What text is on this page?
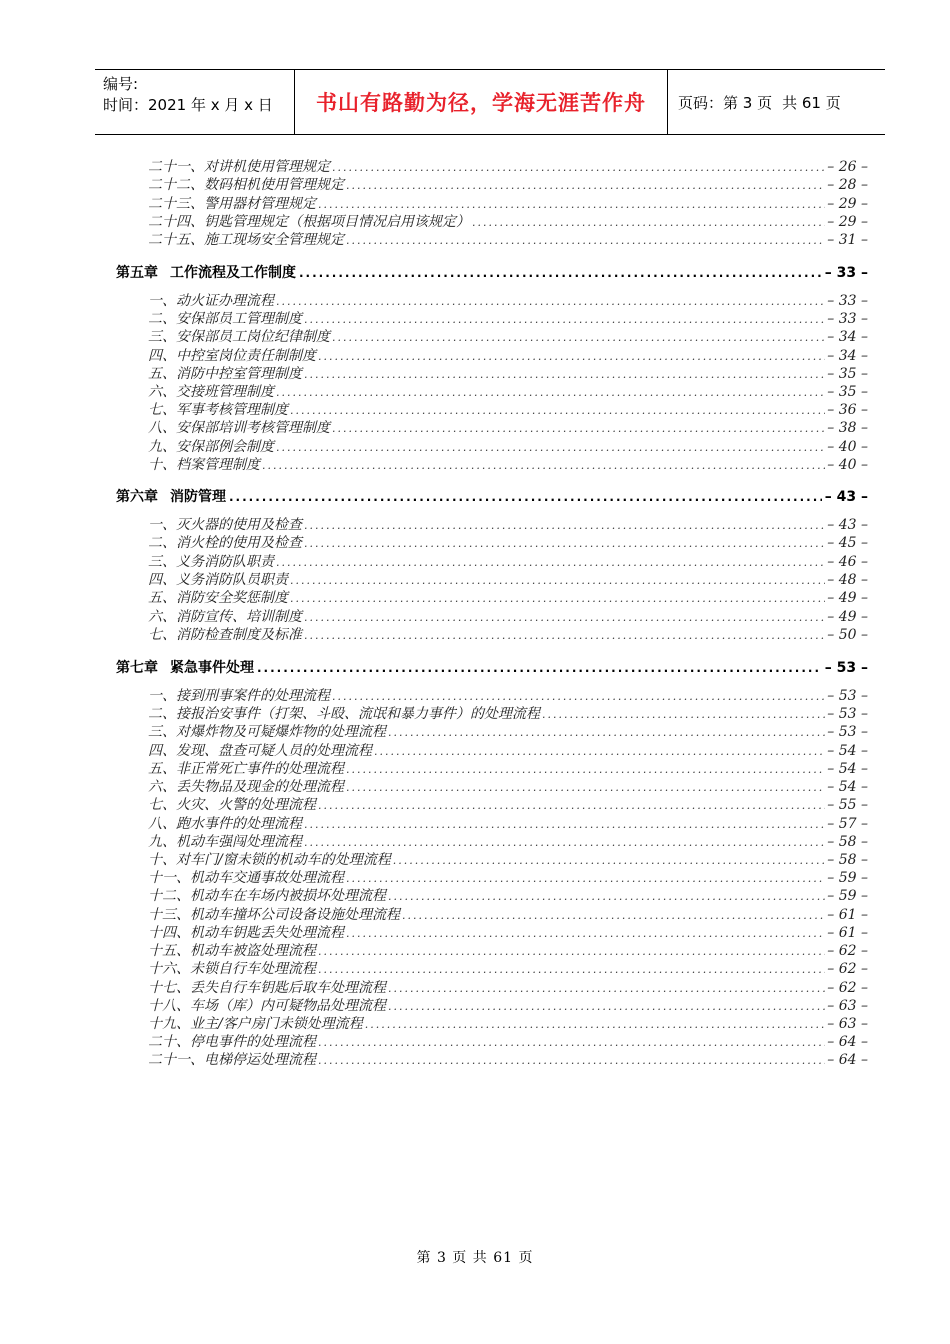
编号:
时间：2021 年 x 月 x 日	书山有路勤为径，学海无涯苦作舟	页码：第 3 页 共 61 页
二十一、对讲机使用管理规定 .....	– 26 –
二十二、数码相机使用管理规定 .....	– 28 –
二十三、警用器材管理规定 .....	– 29 –
二十四、钥匙管理规定（根据项目情况启用该规定） .....	– 29 –
二十五、施工现场安全管理规定 .....	– 31 –
第五章 工作流程及工作制度 .....	– 33 –
一、动火证办理流程 .....	– 33 –
二、安保部员工管理制度 .....	– 33 –
三、安保部员工岗位纪律制度 .....	– 34 –
四、中控室岗位责任制制度 .....	– 34 –
五、消防中控室管理制度 .....	– 35 –
六、交接班管理制度 .....	– 35 –
七、军事考核管理制度 .....	– 36 –
八、安保部培训考核管理制度 .....	– 38 –
九、安保部例会制度 .....	– 40 –
十、档案管理制度 .....	– 40 –
第六章 消防管理 .....	– 43 –
一、灭火器的使用及检查 .....	– 43 –
二、消火栓的使用及检查 .....	– 45 –
三、义务消防队职责 .....	– 46 –
四、义务消防队员职责 .....	– 48 –
五、消防安全奖惩制度 .....	– 49 –
六、消防宣传、培训制度 .....	– 49 –
七、消防检查制度及标准 .....	– 50 –
第七章 紧急事件处理 .....	– 53 –
一、接到刑事案件的处理流程 .....	– 53 –
二、接报治安事件（打架、斗殴、流氓和暴力事件）的处理流程 .....	– 53 –
三、对爆炸物及可疑爆炸物的处理流程 .....	– 53 –
四、发现、盘查可疑人员的处理流程 .....	– 54 –
五、非正常死亡事件的处理流程 .....	– 54 –
六、丢失物品及现金的处理流程 .....	– 54 –
七、火灾、火警的处理流程 .....	– 55 –
八、跑水事件的处理流程 .....	– 57 –
九、机动车强闯处理流程 .....	– 58 –
十、对车门/窗未锁的机动车的处理流程 .....	– 58 –
十一、机动车交通事故处理流程 .....	– 59 –
十二、机动车在车场内被损坏处理流程 .....	– 59 –
十三、机动车撞坏公司设备设施处理流程 .....	– 61 –
十四、机动车钥匙丢失处理流程 .....	– 61 –
十五、机动车被盗处理流程 .....	– 62 –
十六、未锁自行车处理流程 .....	– 62 –
十七、丢失自行车钥匙后取车处理流程 .....	– 62 –
十八、车场（库）内可疑物品处理流程 .....	– 63 –
十九、业主/客户房门未锁处理流程 .....	– 63 –
二十、停电事件的处理流程 .....	– 64 –
二十一、电梯停运处理流程 .....	– 64 –
第 3 页 共 61 页
